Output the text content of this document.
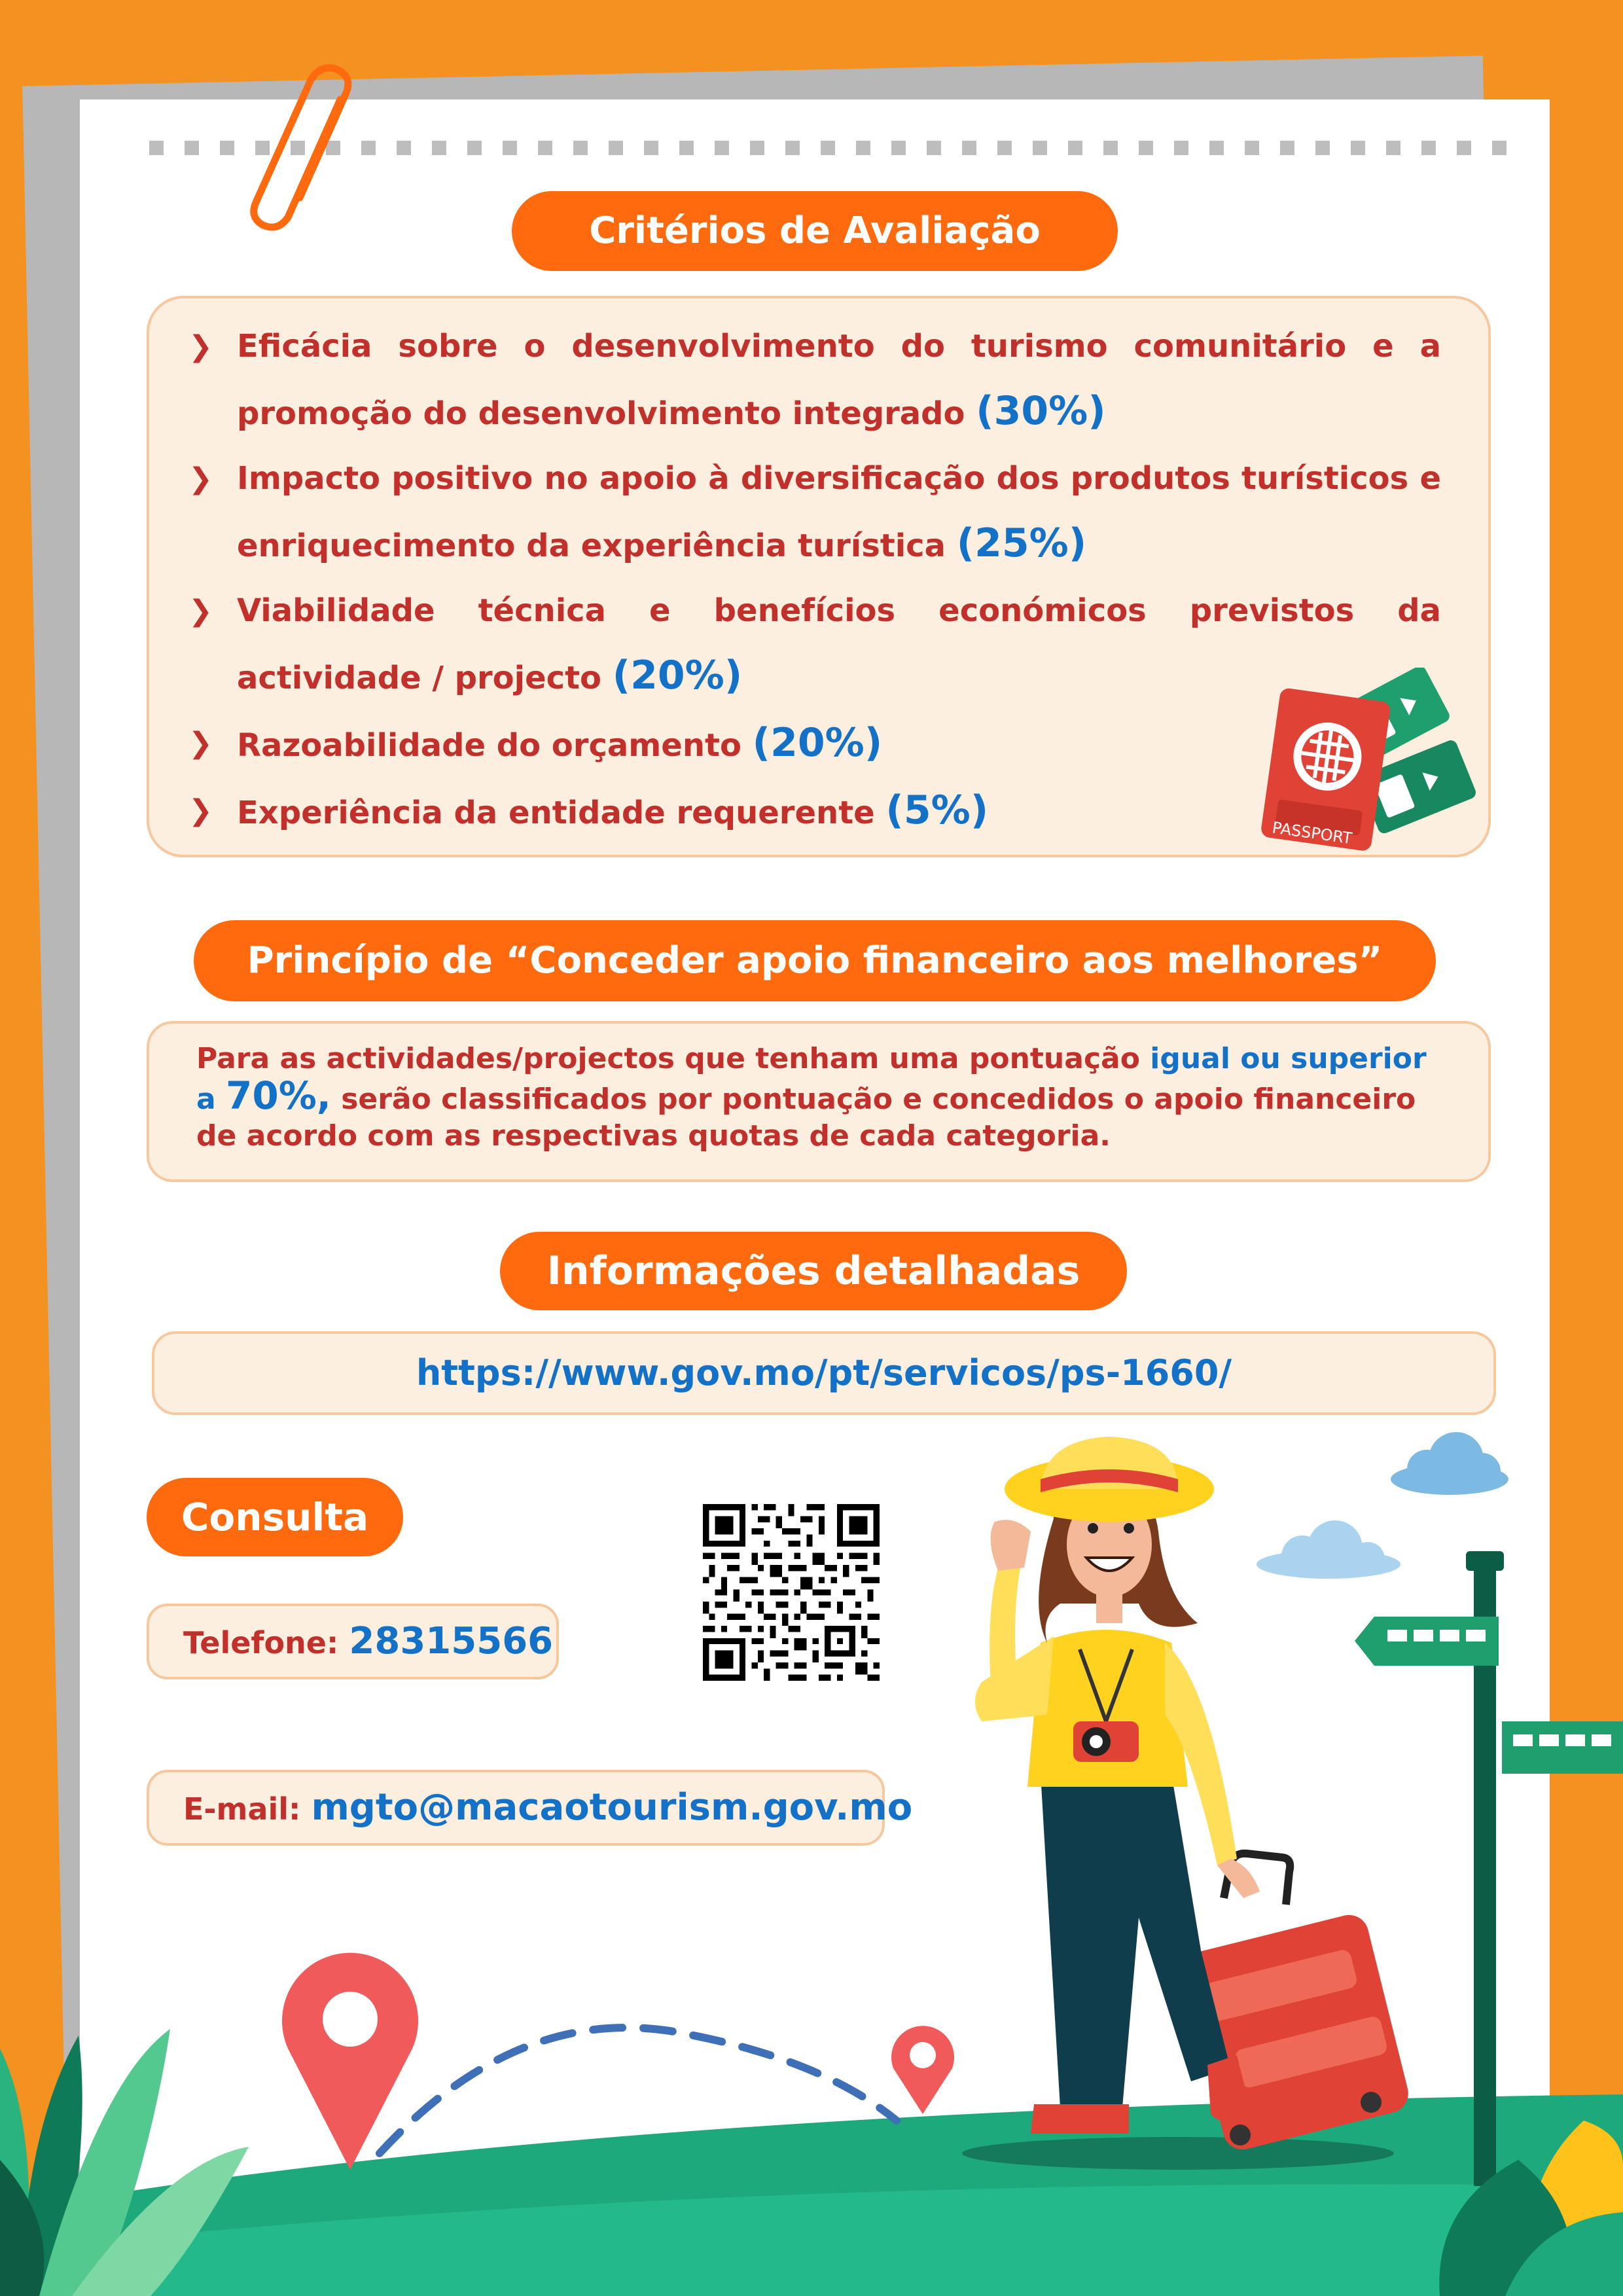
Critérios de Avaliação
❯ Eficácia sobre o desenvolvimento do turismo comunitário e a promoção do desenvolvimento integrado (30%)
❯ Impacto positivo no apoio à diversificação dos produtos turísticos e enriquecimento da experiência turística (25%)
❯ Viabilidade técnica e benefícios económicos previstos da actividade / projecto (20%)
❯ Razoabilidade do orçamento (20%)
❯ Experiência da entidade requerente (5%)	PASSPORT
Princípio de “Conceder apoio financeiro aos melhores”
Para as actividades/projectos que tenham uma pontuação igual ou superior a 70%, serão classificados por pontuação e concedidos o apoio financeiro de acordo com as respectivas quotas de cada categoria.
Informações detalhadas
https://www.gov.mo/pt/servicos/ps-1660/
Consulta
Telefone: 28315566
E-mail: mgto@macaotourism.gov.mo
